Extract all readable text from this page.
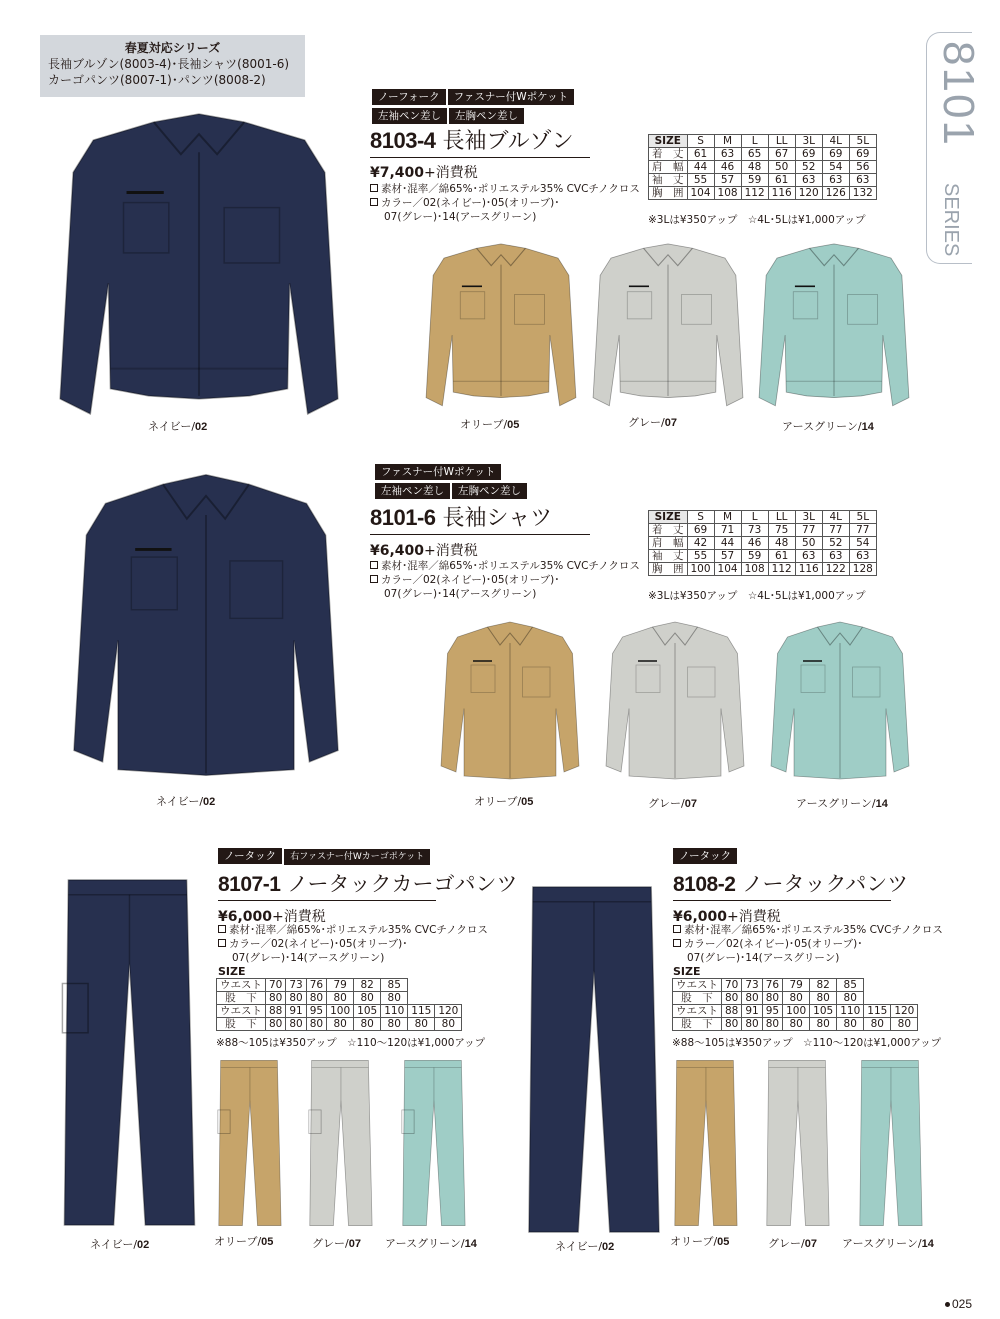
春夏対応シリーズ
長袖ブルゾン(8003-4)･長袖シャツ(8001-6)
カーゴパンツ(8007-1)･パンツ(8008-2)	8101
SERIES
ネイビー/02
ノーフォーク ファスナー付Wポケット
左袖ペン差し 左胸ペン差し
8103-4 長袖ブルゾン
¥7,400+消費税
素材･混率／綿65%･ポリエステル35% CVCチノクロス
カラー／02(ネイビー)･05(オリーブ)･
07(グレー)･14(アースグリーン)
SIZE	S	M	L	LL	3L	4L	5L
着　丈	61	63	65	67	69	69	69
肩　幅	44	46	48	50	52	54	56
袖　丈	55	57	59	61	63	63	63
胸　囲	104	108	112	116	120	126	132
※3Lは¥350アップ　☆4L･5Lは¥1,000アップ
オリーブ/05	グレー/07	アースグリーン/14
ネイビー/02
ファスナー付Wポケット
左袖ペン差し 左胸ペン差し
8101-6 長袖シャツ
¥6,400+消費税
素材･混率／綿65%･ポリエステル35% CVCチノクロス
カラー／02(ネイビー)･05(オリーブ)･
07(グレー)･14(アースグリーン)
SIZE	S	M	L	LL	3L	4L	5L
着　丈	69	71	73	75	77	77	77
肩　幅	42	44	46	48	50	52	54
袖　丈	55	57	59	61	63	63	63
胸　囲	100	104	108	112	116	122	128
※3Lは¥350アップ　☆4L･5Lは¥1,000アップ
オリーブ/05	グレー/07	アースグリーン/14
ネイビー/02
ノータック 右ファスナー付Wカーゴポケット
8107-1 ノータックカーゴパンツ
¥6,000+消費税
素材･混率／綿65%･ポリエステル35% CVCチノクロス
カラー／02(ネイビー)･05(オリーブ)･
07(グレー)･14(アースグリーン)
SIZE
ウエスト	70	73	76	79	82	85		
股　下	80	80	80	80	80	80		
ウエスト	88	91	95	100	105	110	115	120
股　下	80	80	80	80	80	80	80	80
※88～105は¥350アップ　☆110～120は¥1,000アップ
オリーブ/05	グレー/07 アースグリーン/14	ネイビー/02
ノータック
8108-2 ノータックパンツ
¥6,000+消費税
素材･混率／綿65%･ポリエステル35% CVCチノクロス
カラー／02(ネイビー)･05(オリーブ)･
07(グレー)･14(アースグリーン)
SIZE
ウエスト	70	73	76	79	82	85		
股　下	80	80	80	80	80	80		
ウエスト	88	91	95	100	105	110	115	120
股　下	80	80	80	80	80	80	80	80
※88～105は¥350アップ　☆110～120は¥1,000アップ
オリーブ/05	グレー/07 アースグリーン/14
025
